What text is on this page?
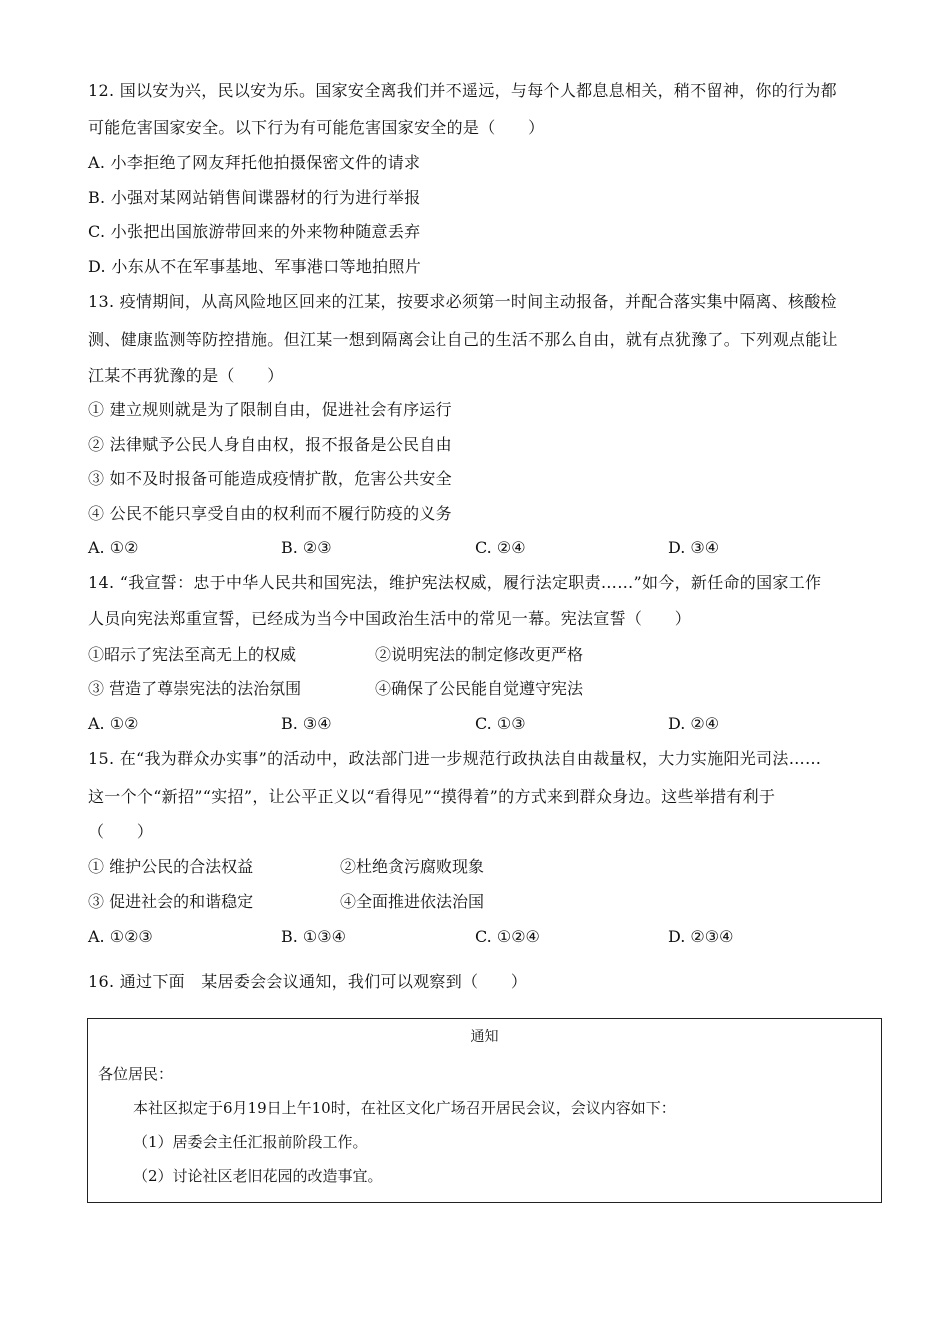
12. 国以安为兴，民以安为乐。国家安全离我们并不遥远，与每个人都息息相关，稍不留神，你的行为都
可能危害国家安全。以下行为有可能危害国家安全的是（　　）
A. 小李拒绝了网友拜托他拍摄保密文件的请求
B. 小强对某网站销售间谍器材的行为进行举报
C. 小张把出国旅游带回来的外来物种随意丢弃
D. 小东从不在军事基地、军事港口等地拍照片
13. 疫情期间，从高风险地区回来的江某，按要求必须第一时间主动报备，并配合落实集中隔离、核酸检
测、健康监测等防控措施。但江某一想到隔离会让自己的生活不那么自由，就有点犹豫了。下列观点能让
江某不再犹豫的是（　　）
① 建立规则就是为了限制自由，促进社会有序运行
② 法律赋予公民人身自由权，报不报备是公民自由
③ 如不及时报备可能造成疫情扩散，危害公共安全
④ 公民不能只享受自由的权利而不履行防疫的义务
A. ①②	B. ②③	C. ②④	D. ③④
14. “我宣誓：忠于中华人民共和国宪法，维护宪法权威，履行法定职责……”如今，新任命的国家工作
人员向宪法郑重宣誓，已经成为当今中国政治生活中的常见一幕。宪法宣誓（　　）
①昭示了宪法至高无上的权威	②说明宪法的制定修改更严格
③ 营造了尊崇宪法的法治氛围	④确保了公民能自觉遵守宪法
A. ①②	B. ③④	C. ①③	D. ②④
15. 在“我为群众办实事”的活动中，政法部门进一步规范行政执法自由裁量权，大力实施阳光司法……
这一个个“新招”“实招”，让公平正义以“看得见”“摸得着”的方式来到群众身边。这些举措有利于
（　　）
① 维护公民的合法权益	②杜绝贪污腐败现象
③ 促进社会的和谐稳定	④全面推进依法治国
A. ①②③	B. ①③④	C. ①②④	D. ②③④
16. 通过下面　某居委会会议通知，我们可以观察到（　　）
通知
各位居民：
本社区拟定于6月19日上午10时，在社区文化广场召开居民会议，会议内容如下：
（1）居委会主任汇报前阶段工作。
（2）讨论社区老旧花园的改造事宜。
